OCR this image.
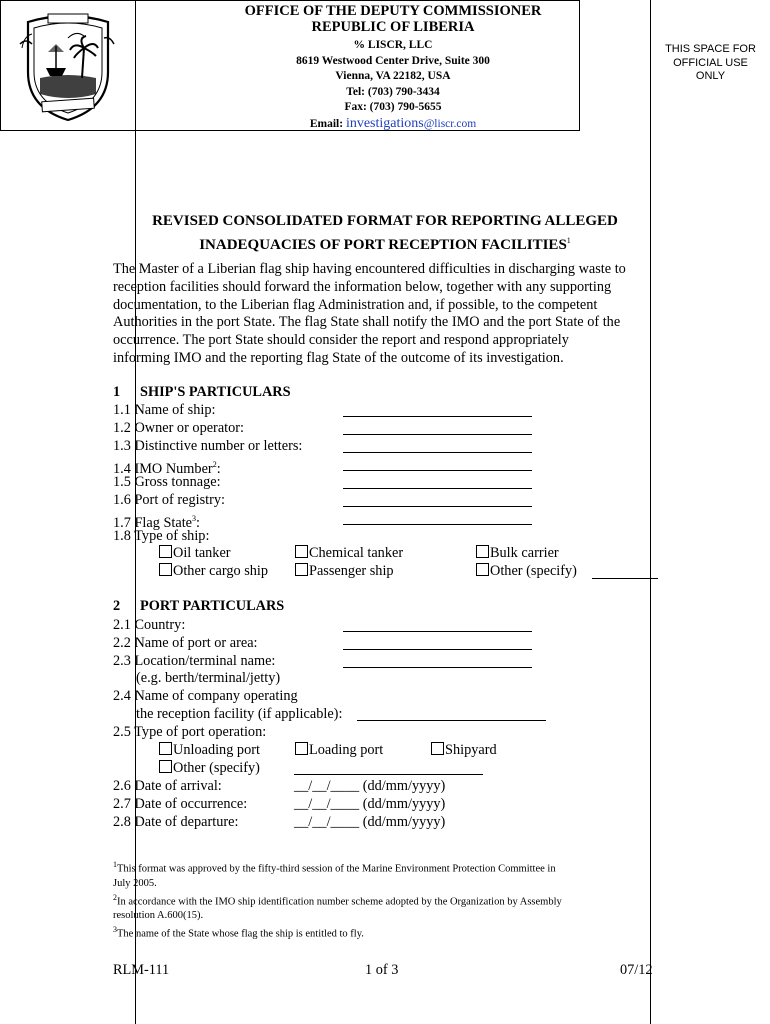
OFFICE OF THE DEPUTY COMMISSIONER
REPUBLIC OF LIBERIA
% LISCR, LLC
8619 Westwood Center Drive, Suite 300
Vienna, VA 22182, USA
Tel: (703) 790-3434
Fax: (703) 790-5655
Email: investigations@liscr.com
THIS SPACE FOR
OFFICIAL USE
ONLY
REVISED CONSOLIDATED FORMAT FOR REPORTING ALLEGED
INADEQUACIES OF PORT RECEPTION FACILITIES$^1$
The Master of a Liberian flag ship having encountered difficulties in discharging waste to
reception facilities should forward the information below, together with any supporting
documentation, to the Liberian flag Administration and, if possible, to the competent
Authorities in the port State. The flag State shall notify the IMO and the port State of the
occurrence. The port State should consider the report and respond appropriately
informing IMO and the reporting flag State of the outcome of its investigation.
1 SHIP'S PARTICULARS
1.1 Name of ship:
1.2 Owner or operator:
1.3 Distinctive number or letters:
1.4 IMO Number$^2$:
1.5 Gross tonnage:
1.6 Port of registry:
1.7 Flag State$^3$:
1.8 Type of ship:
Oil tanker	Chemical tanker	Bulk carrier
Other cargo ship	Passenger ship	Other (specify)
2 PORT PARTICULARS
2.1 Country:
2.2 Name of port or area:
2.3 Location/terminal name:
(e.g. berth/terminal/jetty)
2.4 Name of company operating
the reception facility (if applicable):
2.5 Type of port operation:
Unloading port	Loading port	Shipyard
Other (specify)
2.6 Date of arrival:	__/__/____ (dd/mm/yyyy)
2.7 Date of occurrence:	__/__/____ (dd/mm/yyyy)
2.8 Date of departure:	__/__/____ (dd/mm/yyyy)
$^1$This format was approved by the fifty-third session of the Marine Environment Protection Committee in
July 2005.
$^2$In accordance with the IMO ship identification number scheme adopted by the Organization by Assembly
resolution A.600(15).
$^3$The name of the State whose flag the ship is entitled to fly.
RLM-111	1 of 3	07/12
